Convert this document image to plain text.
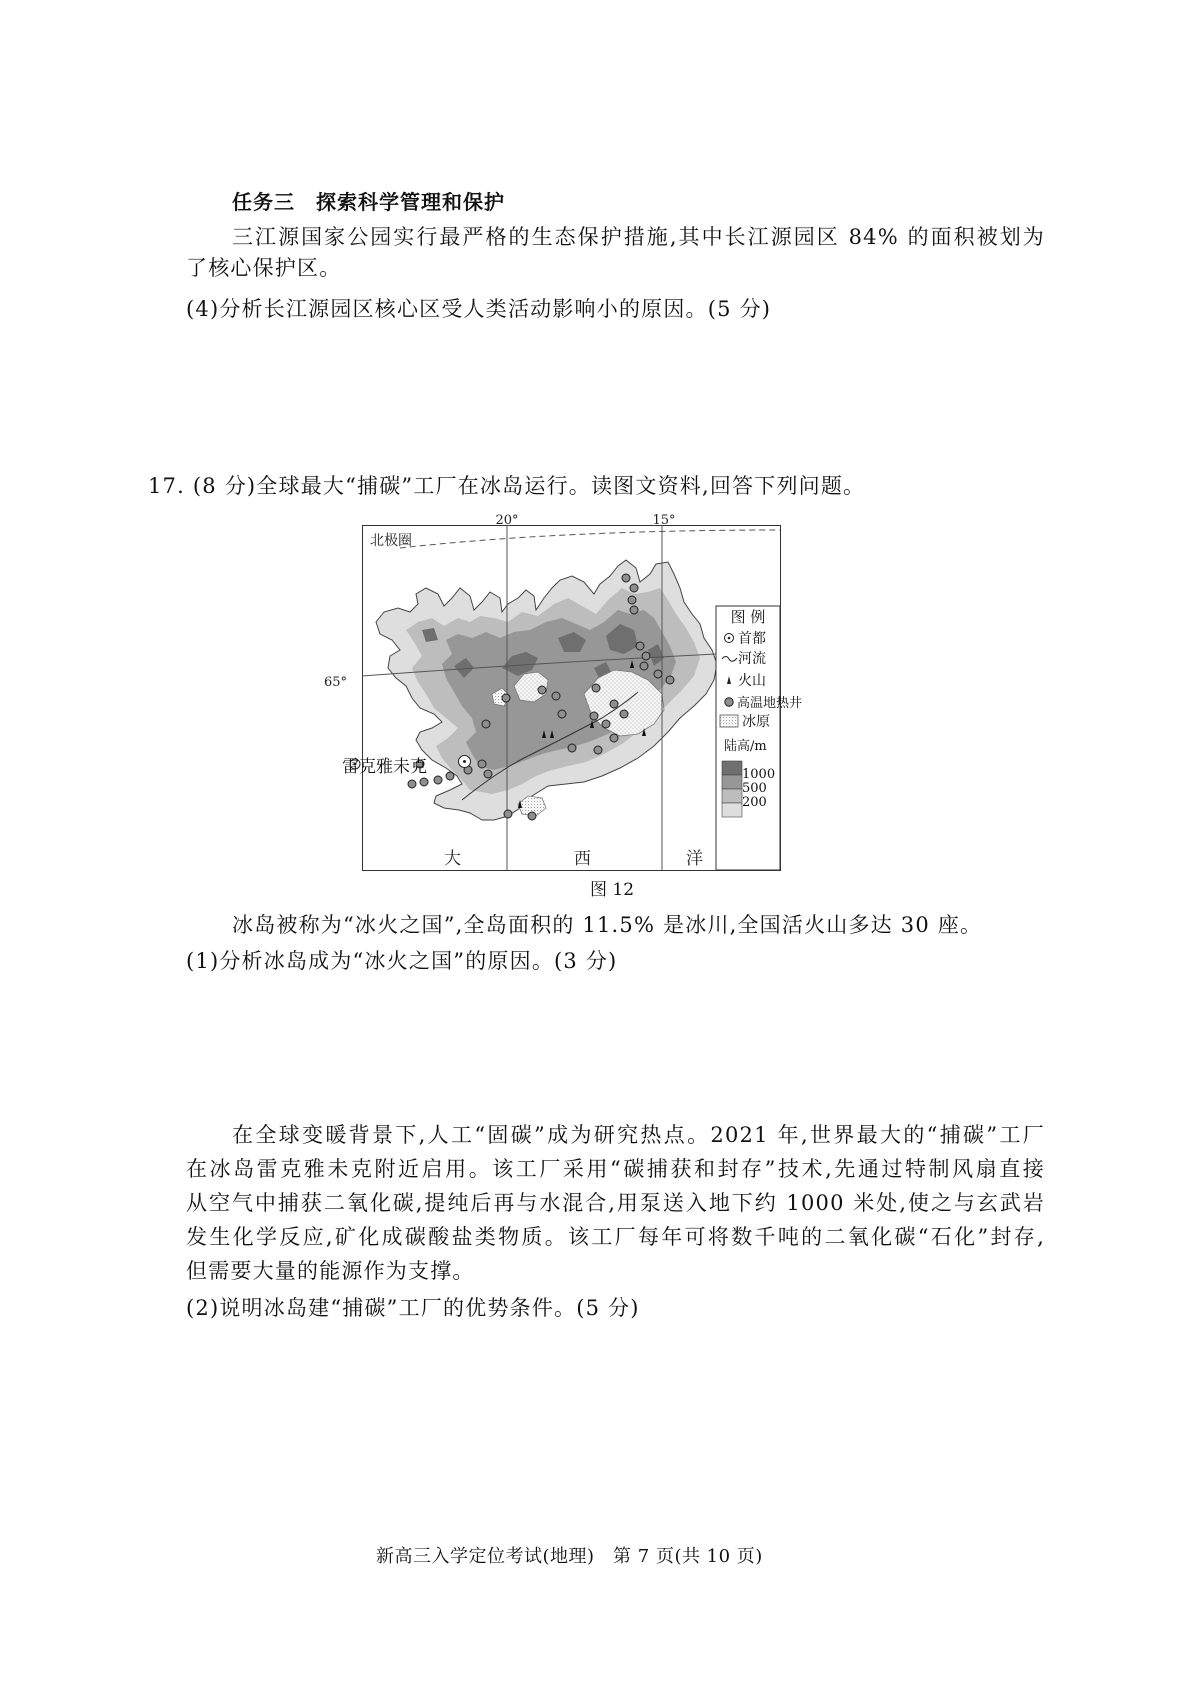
任务三　探索科学管理和保护
三江源国家公园实行最严格的生态保护措施,其中长江源园区 84% 的面积被划为
了核心保护区。
(4)分析长江源园区核心区受人类活动影响小的原因。(5 分)
17. (8 分)全球最大“捕碳”工厂在冰岛运行。读图文资料,回答下列问题。
图 例
首都
河流
火山
高温地热井
冰原
陆高/m
1000
500
200
20°	15°
北极圈
大	西	洋
65°
雷克雅未克
图 12
冰岛被称为“冰火之国”,全岛面积的 11.5% 是冰川,全国活火山多达 30 座。
(1)分析冰岛成为“冰火之国”的原因。(3 分)
在全球变暖背景下,人工“固碳”成为研究热点。2021 年,世界最大的“捕碳”工厂
在冰岛雷克雅未克附近启用。该工厂采用“碳捕获和封存”技术,先通过特制风扇直接
从空气中捕获二氧化碳,提纯后再与水混合,用泵送入地下约 1000 米处,使之与玄武岩
发生化学反应,矿化成碳酸盐类物质。该工厂每年可将数千吨的二氧化碳“石化”封存,
但需要大量的能源作为支撑。
(2)说明冰岛建“捕碳”工厂的优势条件。(5 分)
新高三入学定位考试(地理)　第 7 页(共 10 页)
